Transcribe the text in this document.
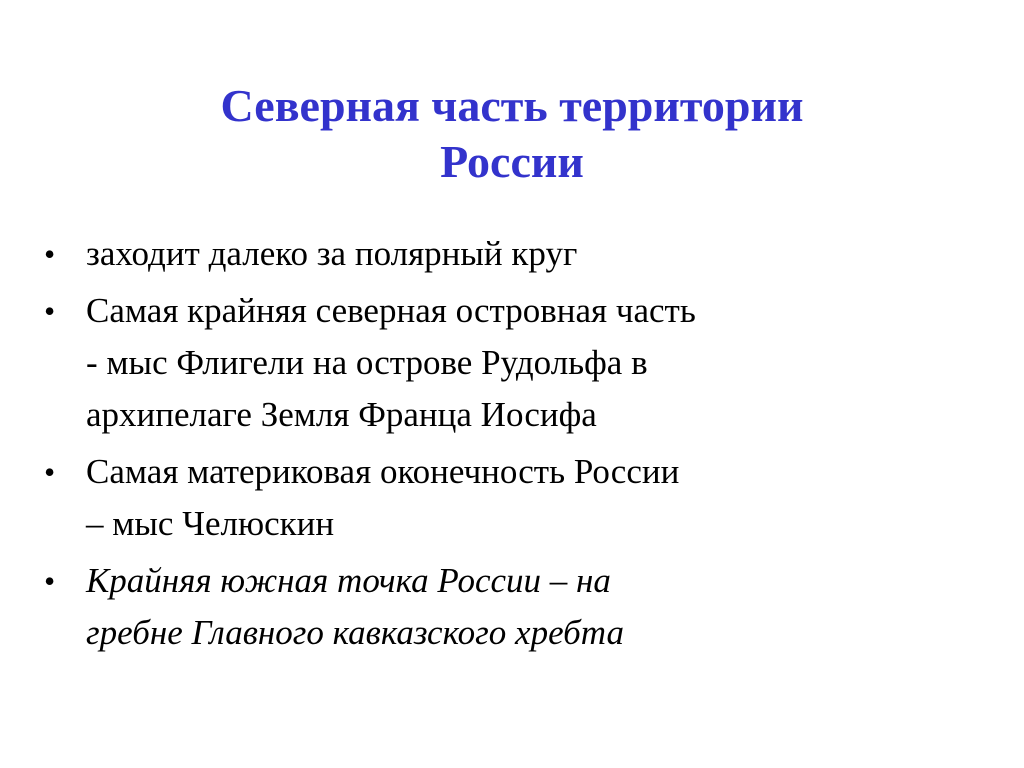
Северная часть территории
России
• заходит далеко за полярный круг
• Самая крайняя северная островная часть
- мыс Флигели на острове Рудольфа в
архипелаге Земля Франца Иосифа
• Самая материковая оконечность России
– мыс Челюскин
• Крайняя южная точка России – на
гребне Главного кавказского хребта
